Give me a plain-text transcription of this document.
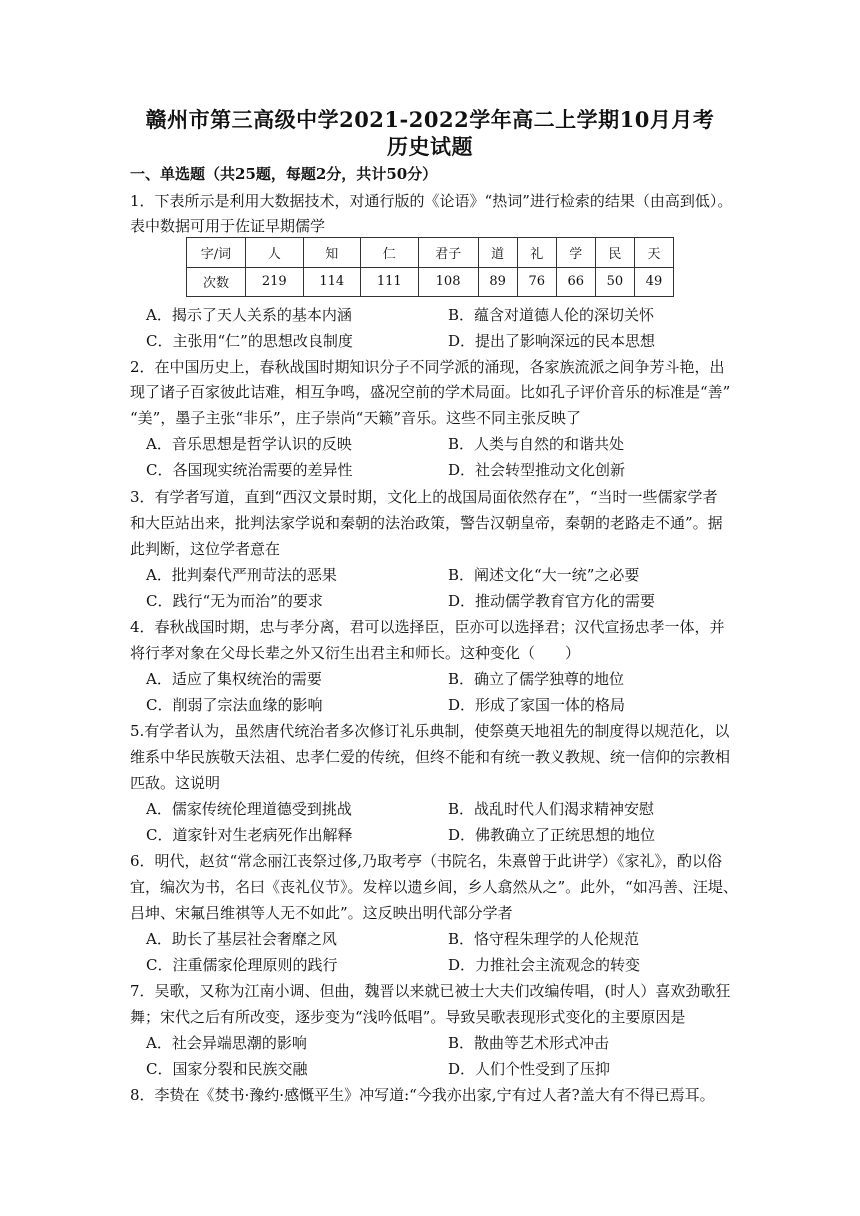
赣州市第三高级中学2021-2022学年高二上学期10月月考
历史试题
一、单选题（共25题，每题2分，共计50分）
1．下表所示是利用大数据技术，对通行版的《论语》“热词”进行检索的结果（由高到低）。
表中数据可用于佐证早期儒学
字/词	人	知	仁	君子	道	礼	学	民	天
次数	219	114	111	108	89	76	66	50	49
A．揭示了天人关系的基本内涵	B．蕴含对道德人伦的深切关怀
C．主张用“仁”的思想改良制度	D．提出了影响深远的民本思想
2．在中国历史上，春秋战国时期知识分子不同学派的涌现，各家族流派之间争芳斗艳，出
现了诸子百家彼此诘难，相互争鸣，盛况空前的学术局面。比如孔子评价音乐的标准是“善”
“美”，墨子主张“非乐”，庄子崇尚“天籁”音乐。这些不同主张反映了
A．音乐思想是哲学认识的反映	B．人类与自然的和谐共处
C．各国现实统治需要的差异性	D．社会转型推动文化创新
3．有学者写道，直到“西汉文景时期，文化上的战国局面依然存在”，“当时一些儒家学者
和大臣站出来，批判法家学说和秦朝的法治政策，警告汉朝皇帝，秦朝的老路走不通”。据
此判断，这位学者意在
A．批判秦代严刑苛法的恶果	B．阐述文化“大一统”之必要
C．践行“无为而治”的要求	D．推动儒学教育官方化的需要
4．春秋战国时期，忠与孝分离，君可以选择臣，臣亦可以选择君；汉代宣扬忠孝一体，并
将行孝对象在父母长辈之外又衍生出君主和师长。这种变化（　　）
A．适应了集权统治的需要	B．确立了儒学独尊的地位
C．削弱了宗法血缘的影响	D．形成了家国一体的格局
5.有学者认为，虽然唐代统治者多次修订礼乐典制，使祭奠天地祖先的制度得以规范化，以
维系中华民族敬天法祖、忠孝仁爱的传统，但终不能和有统一教义教规、统一信仰的宗教相
匹敌。这说明
A．儒家传统伦理道德受到挑战	B．战乱时代人们渴求精神安慰
C．道家针对生老病死作出解释	D．佛教确立了正统思想的地位
6．明代，赵贫“常念丽江丧祭过侈,乃取考亭（书院名，朱熹曾于此讲学）《家礼》，酌以俗
宜，编次为书，名曰《丧礼仪节》。发梓以遗乡闾，乡人翕然从之”。此外，“如冯善、汪堤、
吕坤、宋氟吕维祺等人无不如此”。这反映出明代部分学者
A．助长了基层社会奢靡之风	B．恪守程朱理学的人伦规范
C．注重儒家伦理原则的践行	D．力推社会主流观念的转变
7．吴歌，又称为江南小调、但曲，魏晋以来就已被士大夫们改编传唱，(时人）喜欢劲歌狂
舞；宋代之后有所改变，逐步变为“浅吟低唱”。导致吴歌表现形式变化的主要原因是
A．社会异端思潮的影响	B．散曲等艺术形式冲击
C．国家分裂和民族交融	D．人们个性受到了压抑
8．李贽在《焚书·豫约·感慨平生》冲写道:“今我亦出家,宁有过人者?盖大有不得已焉耳。
